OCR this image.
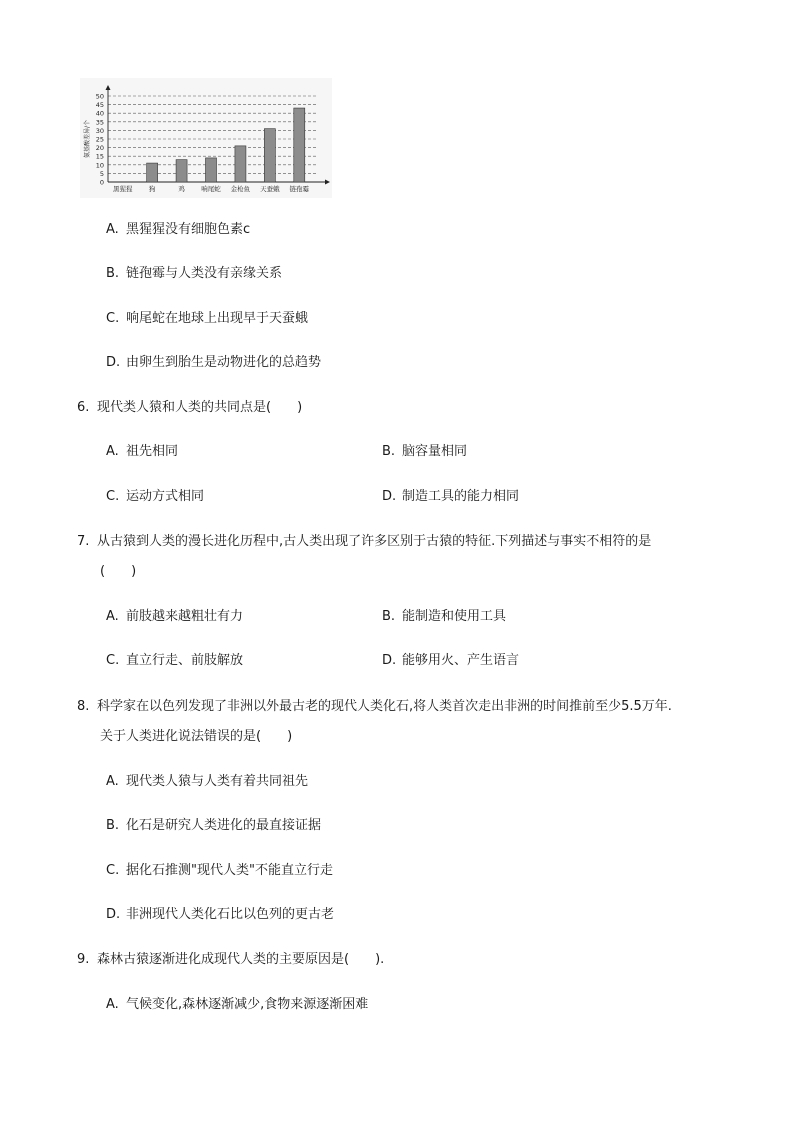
0
5
10
15
20
25
30
35
40
45
50
氨基酸差异/个
黑猩猩	狗	鸡	响尾蛇 金枪鱼 天蚕蛾 链孢霉
A. 黑猩猩没有细胞色素c
B. 链孢霉与人类没有亲缘关系
C. 响尾蛇在地球上出现早于天蚕蛾
D. 由卵生到胎生是动物进化的总趋势
6. 现代类人猿和人类的共同点是(　　)
A. 祖先相同	B. 脑容量相同
C. 运动方式相同	D. 制造工具的能力相同
7. 从古猿到人类的漫长进化历程中,古人类出现了许多区别于古猿的特征.下列描述与事实不相符的是
(　　)
A. 前肢越来越粗壮有力	B. 能制造和使用工具
C. 直立行走、前肢解放	D. 能够用火、产生语言
8. 科学家在以色列发现了非洲以外最古老的现代人类化石,将人类首次走出非洲的时间推前至少5.5万年.
关于人类进化说法错误的是(　　)
A. 现代类人猿与人类有着共同祖先
B. 化石是研究人类进化的最直接证据
C. 据化石推测"现代人类"不能直立行走
D. 非洲现代人类化石比以色列的更古老
9. 森林古猿逐渐进化成现代人类的主要原因是(　　).
A. 气候变化,森林逐渐减少,食物来源逐渐困难
